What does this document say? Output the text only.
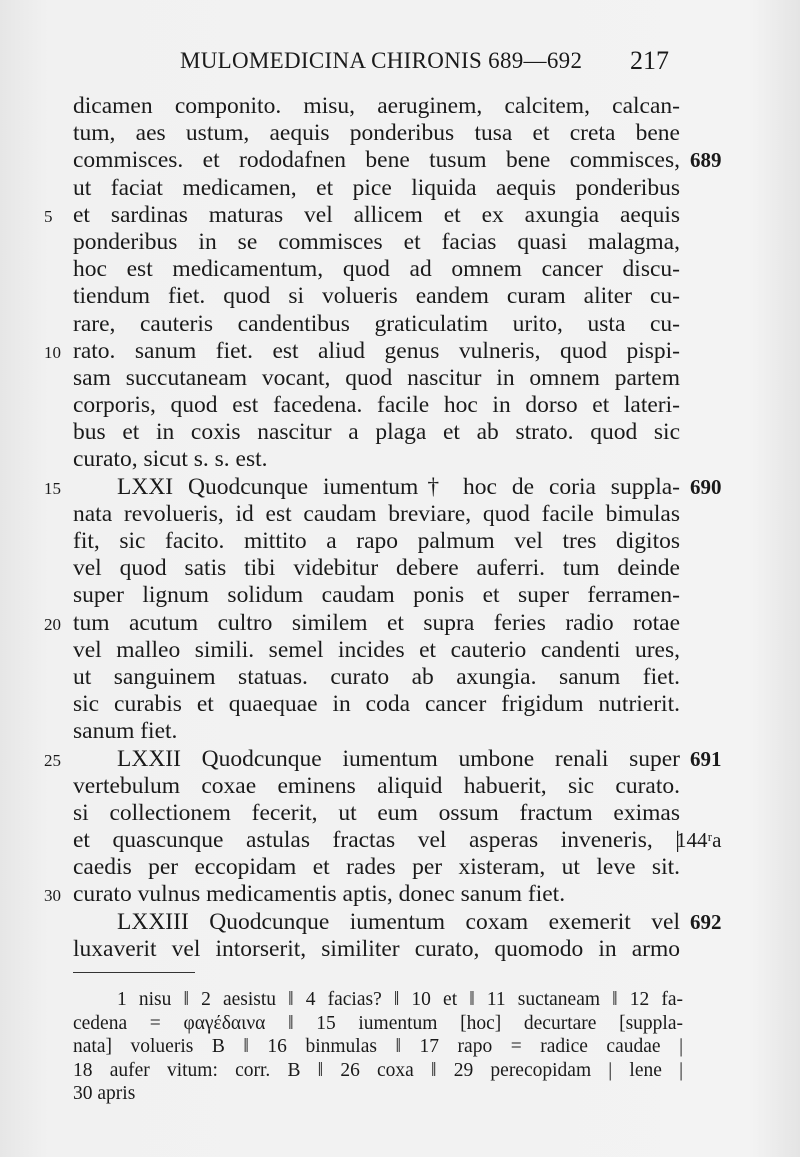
MULOMEDICINA CHIRONIS 689—692 217
dicamen componito. misu, aeruginem, calcitem, calcan-
tum, aes ustum, aequis ponderibus tusa et creta bene
commisces. et rododafnen bene tusum bene commisces, 689
ut faciat medicamen, et pice liquida aequis ponderibus
5 et sardinas maturas vel allicem et ex axungia aequis
ponderibus in se commisces et facias quasi malagma,
hoc est medicamentum, quod ad omnem cancer discu-
tiendum fiet. quod si volueris eandem curam aliter cu-
rare, cauteris candentibus graticulatim urito, usta cu-
10 rato. sanum fiet. est aliud genus vulneris, quod pispi-
sam succutaneam vocant, quod nascitur in omnem partem
corporis, quod est facedena. facile hoc in dorso et lateri-
bus et in coxis nascitur a plaga et ab strato. quod sic
curato, sicut s. s. est.
15	LXXI Quodcunque iumentum† hoc de coria suppla- 690
nata revolueris, id est caudam breviare, quod facile bimulas
fit, sic facito. mittito a rapo palmum vel tres digitos
vel quod satis tibi videbitur debere auferri. tum deinde
super lignum solidum caudam ponis et super ferramen-
20 tum acutum cultro similem et supra feries radio rotae
vel malleo simili. semel incides et cauterio candenti ures,
ut sanguinem statuas. curato ab axungia. sanum fiet.
sic curabis et quaequae in coda cancer frigidum nutrierit.
sanum fiet.
25	LXXII Quodcunque iumentum umbone renali super 691
vertebulum coxae eminens aliquid habuerit, sic curato.
si collectionem fecerit, ut eum ossum fractum eximas
et quascunque astulas fractas vel asperas inveneris, |
144ʳa
caedis per eccopidam et rades per xisteram, ut leve sit.
30 curato vulnus medicamentis aptis, donec sanum fiet.
LXXIII Quodcunque iumentum coxam exemerit vel 692
luxaverit vel intorserit, similiter curato, quomodo in armo
1 nisu ‖ 2 aesistu ‖ 4 facias? ‖ 10 et ‖ 11 suctaneam ‖ 12 fa-
cedena = φαγέδαινα ‖ 15 iumentum [hoc] decurtare [suppla-
nata] volueris B ‖ 16 binmulas ‖ 17 rapo = radice caudae |
18 aufer vitum: corr. B ‖ 26 coxa ‖ 29 perecopidam | lene |
30 apris
